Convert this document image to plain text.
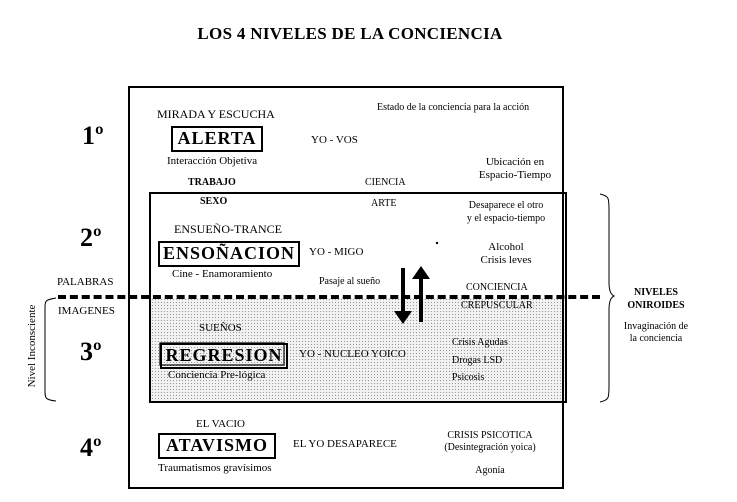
LOS 4 NIVELES DE LA CONCIENCIA
1º
MIRADA Y ESCUCHA
ALERTA
Interacción Objetiva
YO - VOS
Estado de la conciencia para la acción
Ubicación en
Espacio-Tiempo
TRABAJO	CIENCIA
SEXO	ARTE
2º	ENSUEÑO-TRANCE
ENSOÑACION
Cine - Enamoramiento
YO - MIGO
Desaparece el otro
y el espacio-tiempo
Alcohol
Crisis leves
Pasaje al sueño
CONCIENCIA
CREPUSCULAR
PALABRAS
IMAGENES
3º
SUEÑOS
REGRESION
Conciencia Pre-lógica
YO - NUCLEO YOICO
Crisis Agudas
Drogas LSD
Psicosis
Nivel Inconsciente
NIVELES
ONIROIDES
Invaginación de
la conciencia
4º
EL VACIO
ATAVISMO
Traumatismos gravísimos
EL YO DESAPARECE
CRISIS PSICOTICA
(Desintegración yoica)
Agonía
